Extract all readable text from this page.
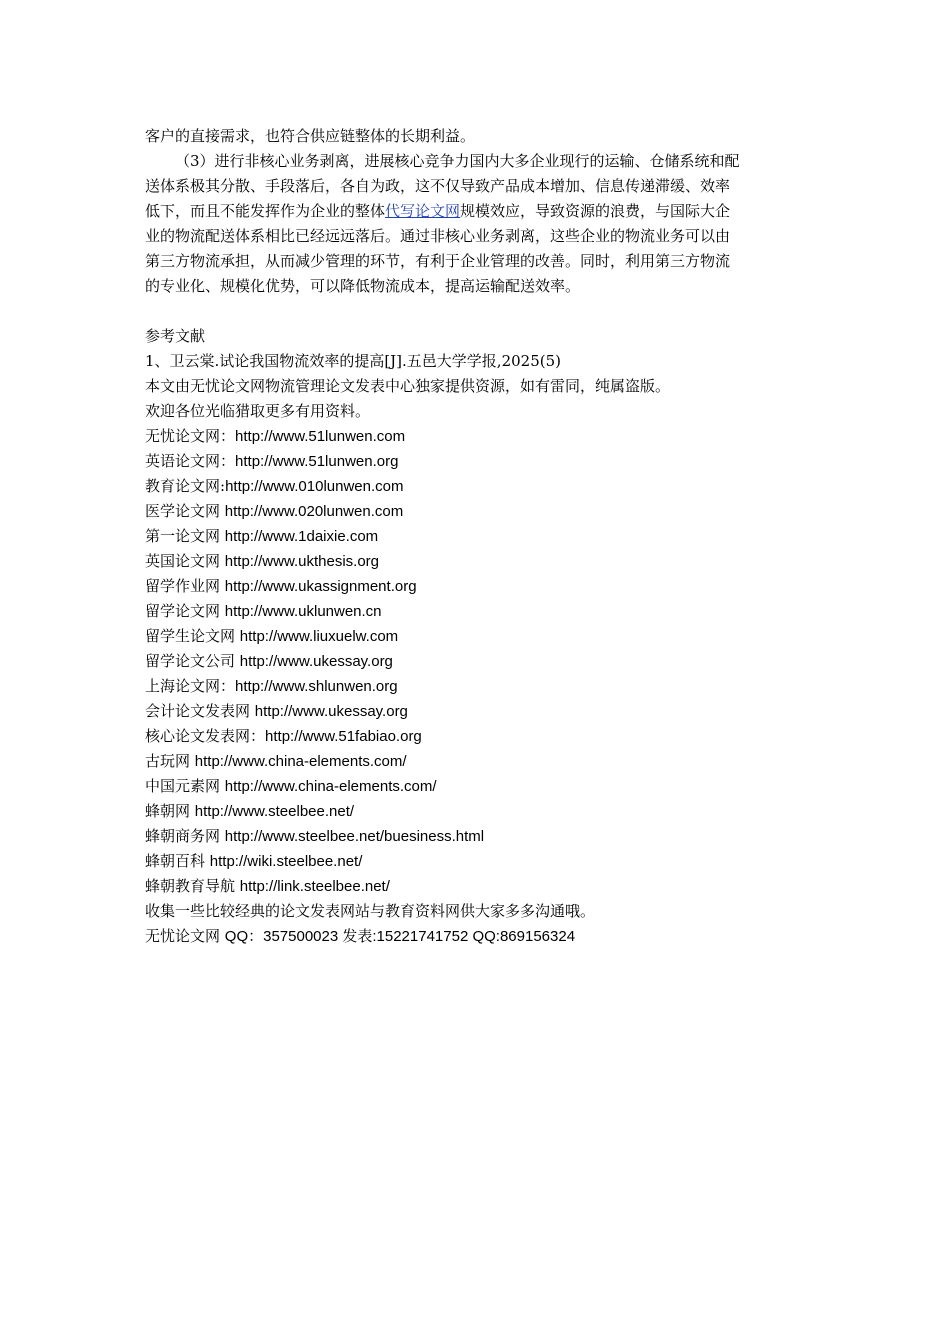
客户的直接需求，也符合供应链整体的长期利益。
（3）进行非核心业务剥离，进展核心竞争力国内大多企业现行的运输、仓储系统和配
送体系极其分散、手段落后，各自为政，这不仅导致产品成本增加、信息传递滞缓、效率
低下，而且不能发挥作为企业的整体代写论文网规模效应，导致资源的浪费，与国际大企
业的物流配送体系相比已经远远落后。通过非核心业务剥离，这些企业的物流业务可以由
第三方物流承担，从而减少管理的环节，有利于企业管理的改善。同时，利用第三方物流
的专业化、规模化优势，可以降低物流成本，提高运输配送效率。
参考文献
1、卫云棠.试论我国物流效率的提高[J].五邑大学学报,2025(5)
本文由无忧论文网物流管理论文发表中心独家提供资源，如有雷同，纯属盗版。
欢迎各位光临猎取更多有用资料。
无忧论文网：http://www.51lunwen.com
英语论文网：http://www.51lunwen.org
教育论文网:http://www.010lunwen.com
医学论文网 http://www.020lunwen.com
第一论文网 http://www.1daixie.com
英国论文网 http://www.ukthesis.org
留学作业网 http://www.ukassignment.org
留学论文网 http://www.uklunwen.cn
留学生论文网 http://www.liuxuelw.com
留学论文公司 http://www.ukessay.org
上海论文网：http://www.shlunwen.org
会计论文发表网 http://www.ukessay.org
核心论文发表网：http://www.51fabiao.org
古玩网 http://www.china-elements.com/
中国元素网 http://www.china-elements.com/
蜂朝网 http://www.steelbee.net/
蜂朝商务网 http://www.steelbee.net/buesiness.html
蜂朝百科 http://wiki.steelbee.net/
蜂朝教育导航 http://link.steelbee.net/
收集一些比较经典的论文发表网站与教育资料网供大家多多沟通哦。
无忧论文网 QQ：357500023 发表:15221741752 QQ:869156324
